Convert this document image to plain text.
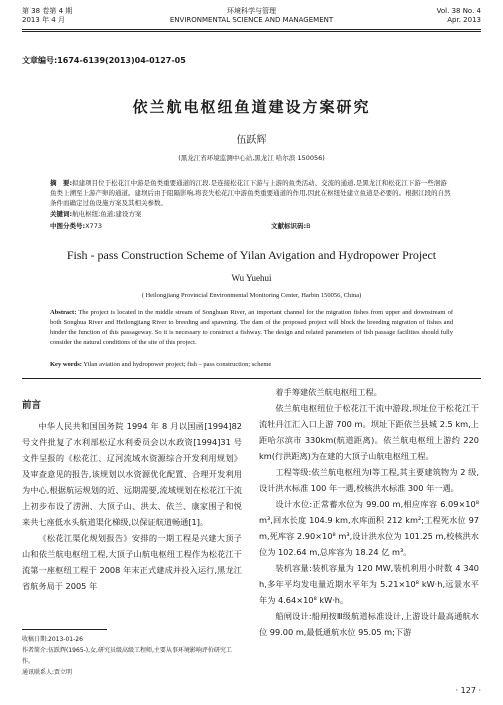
第 38 卷第 4 期
2013 年 4 月
环境科学与管理
ENVIRONMENTAL SCIENCE AND MANAGEMENT
Vol. 38 No. 4
Apr. 2013
文章编号:1674-6139(2013)04-0127-05
依兰航电枢纽鱼道建设方案研究
伍跃辉
(黑龙江省环境监测中心站,黑龙江 哈尔滨 150056)
摘　要:拟建项目位于松花江中游是鱼类重要通道的江段.是连接松花江下游与上游的鱼类活动、交流的通道,是黑龙江和松花江下游一些洄游鱼类上溯至上游产卵的通道。建坝后由于阻隔影响,将丧失松花江中游鱼类重要通道的作用,因此在枢纽处建立鱼道是必要的。根据江段的自然条件而确定过鱼设施方案及其相关参数。
关键词:航电枢纽;鱼道;建设方案
中图分类号:X773	文献标识码:B
Fish - pass Construction Scheme of Yilan Avigation and Hydropower Project
Wu Yuehui
( Heilongjiang Provincial Environmental Monitoring Center, Harbin 150056, China)
Abstract: The project is located in the middle stream of Songhuan River, an important channel for the migration fishes from upper and downstream of both Songhua River and Heilongjiang River to breeding and spawning. The dam of the proposed project will block the breeding migration of fishes and hinder the function of this passageway. So it is necessary to construct a fishway. The design and related parameters of fish passage facilities should fully consider the natural conditions of the site of this project.
Key words: Yilan aviation and hydropower project; fish – pass construction; scheme
前言

中华人民共和国国务院 1994 年 8 月以国函[1994]82 号文件批复了水利部松辽水利委员会以水政资[1994]31 号文件呈报的《松花江、辽河流域水资源综合开发利用规划》及审查意见的报告,该规划以水资源优化配置、合理开发利用为中心,根据航运规划的近、远期需要,流域规划在松花江干流上初步布设了涝洲、大顶子山、洪太、依兰、康家围子和悦来共七座低水头航道渠化梯级,以保证航道畅通[1]。

《松花江渠化规划报告》安排的一期工程是兴建大顶子山和依兰航电枢纽工程,大顶子山航电枢纽工程作为松花江干流第一座枢纽工程于 2008 年末正式建成并投入运行,黑龙江省航务局于 2005 年

着手筹建依兰航电枢纽工程。

依兰航电枢纽位于松花江干流中游段,坝址位于松花江干流牡丹江汇入口上游 700 m。坝址下距依兰县城 2.5 km,上距哈尔滨市 330km(航道距离)。依兰航电枢纽上游约 220 km(行洪距离)为在建的大顶子山航电枢纽工程。

工程等级:依兰航电枢纽为Ⅰ等工程,其主要建筑物为 2 级,设计洪水标准 100 年一遇,校核洪水标准 300 年一遇。

设计水位:正常蓄水位为 99.00 m,相应库容 6.09×10⁸ m³,回水长度 104.9 km,水库面积 212 km²;工程死水位 97 m,死库容 2.90×10⁸ m³,设计洪水位为 101.25 m,校核洪水位为 102.64 m,总库容为 18.24 亿 m³。

装机容量:装机容量为 120 MW,装机利用小时数 4 340 h,多年平均发电量近期水平年为 5.21×10⁸ kW·h,远景水平年为 4.64×10⁸ kW·h。

船闸设计:船闸按Ⅲ级航道标准设计,上游设计最高通航水位 99.00 m,最低通航水位 95.05 m;下游

收稿日期:2013-01-26
作者简介:伍跃辉(1965-),女,研究员级高级工程师,主要从事环境影响评价研究工作。
通讯联系人:贾立明
· 127 ·
